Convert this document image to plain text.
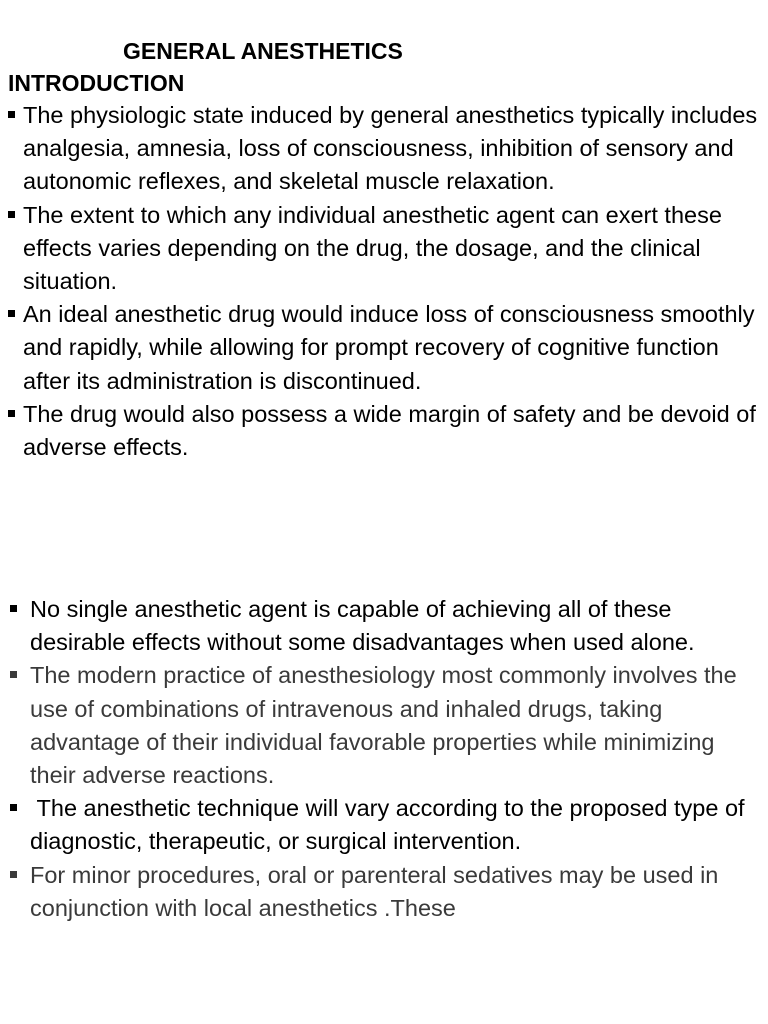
GENERAL ANESTHETICS
INTRODUCTION
The physiologic state induced by general anesthetics typically includes analgesia, amnesia, loss of consciousness, inhibition of sensory and autonomic reflexes, and skeletal muscle relaxation.
The extent to which any individual anesthetic agent can exert these effects varies depending on the drug, the dosage, and the clinical situation.
An ideal anesthetic drug would induce loss of consciousness smoothly and rapidly, while allowing for prompt recovery of cognitive function after its administration is discontinued.
The drug would also possess a wide margin of safety and be devoid of adverse effects.
No single anesthetic agent is capable of achieving all of these desirable effects without some disadvantages when used alone.
The modern practice of anesthesiology most commonly involves the use of combinations of intravenous and inhaled drugs, taking advantage of their individual favorable properties while minimizing their adverse reactions.
The anesthetic technique will vary according to the proposed type of diagnostic, therapeutic, or surgical intervention.
For minor procedures, oral or parenteral sedatives may be used in conjunction with local anesthetics .These
